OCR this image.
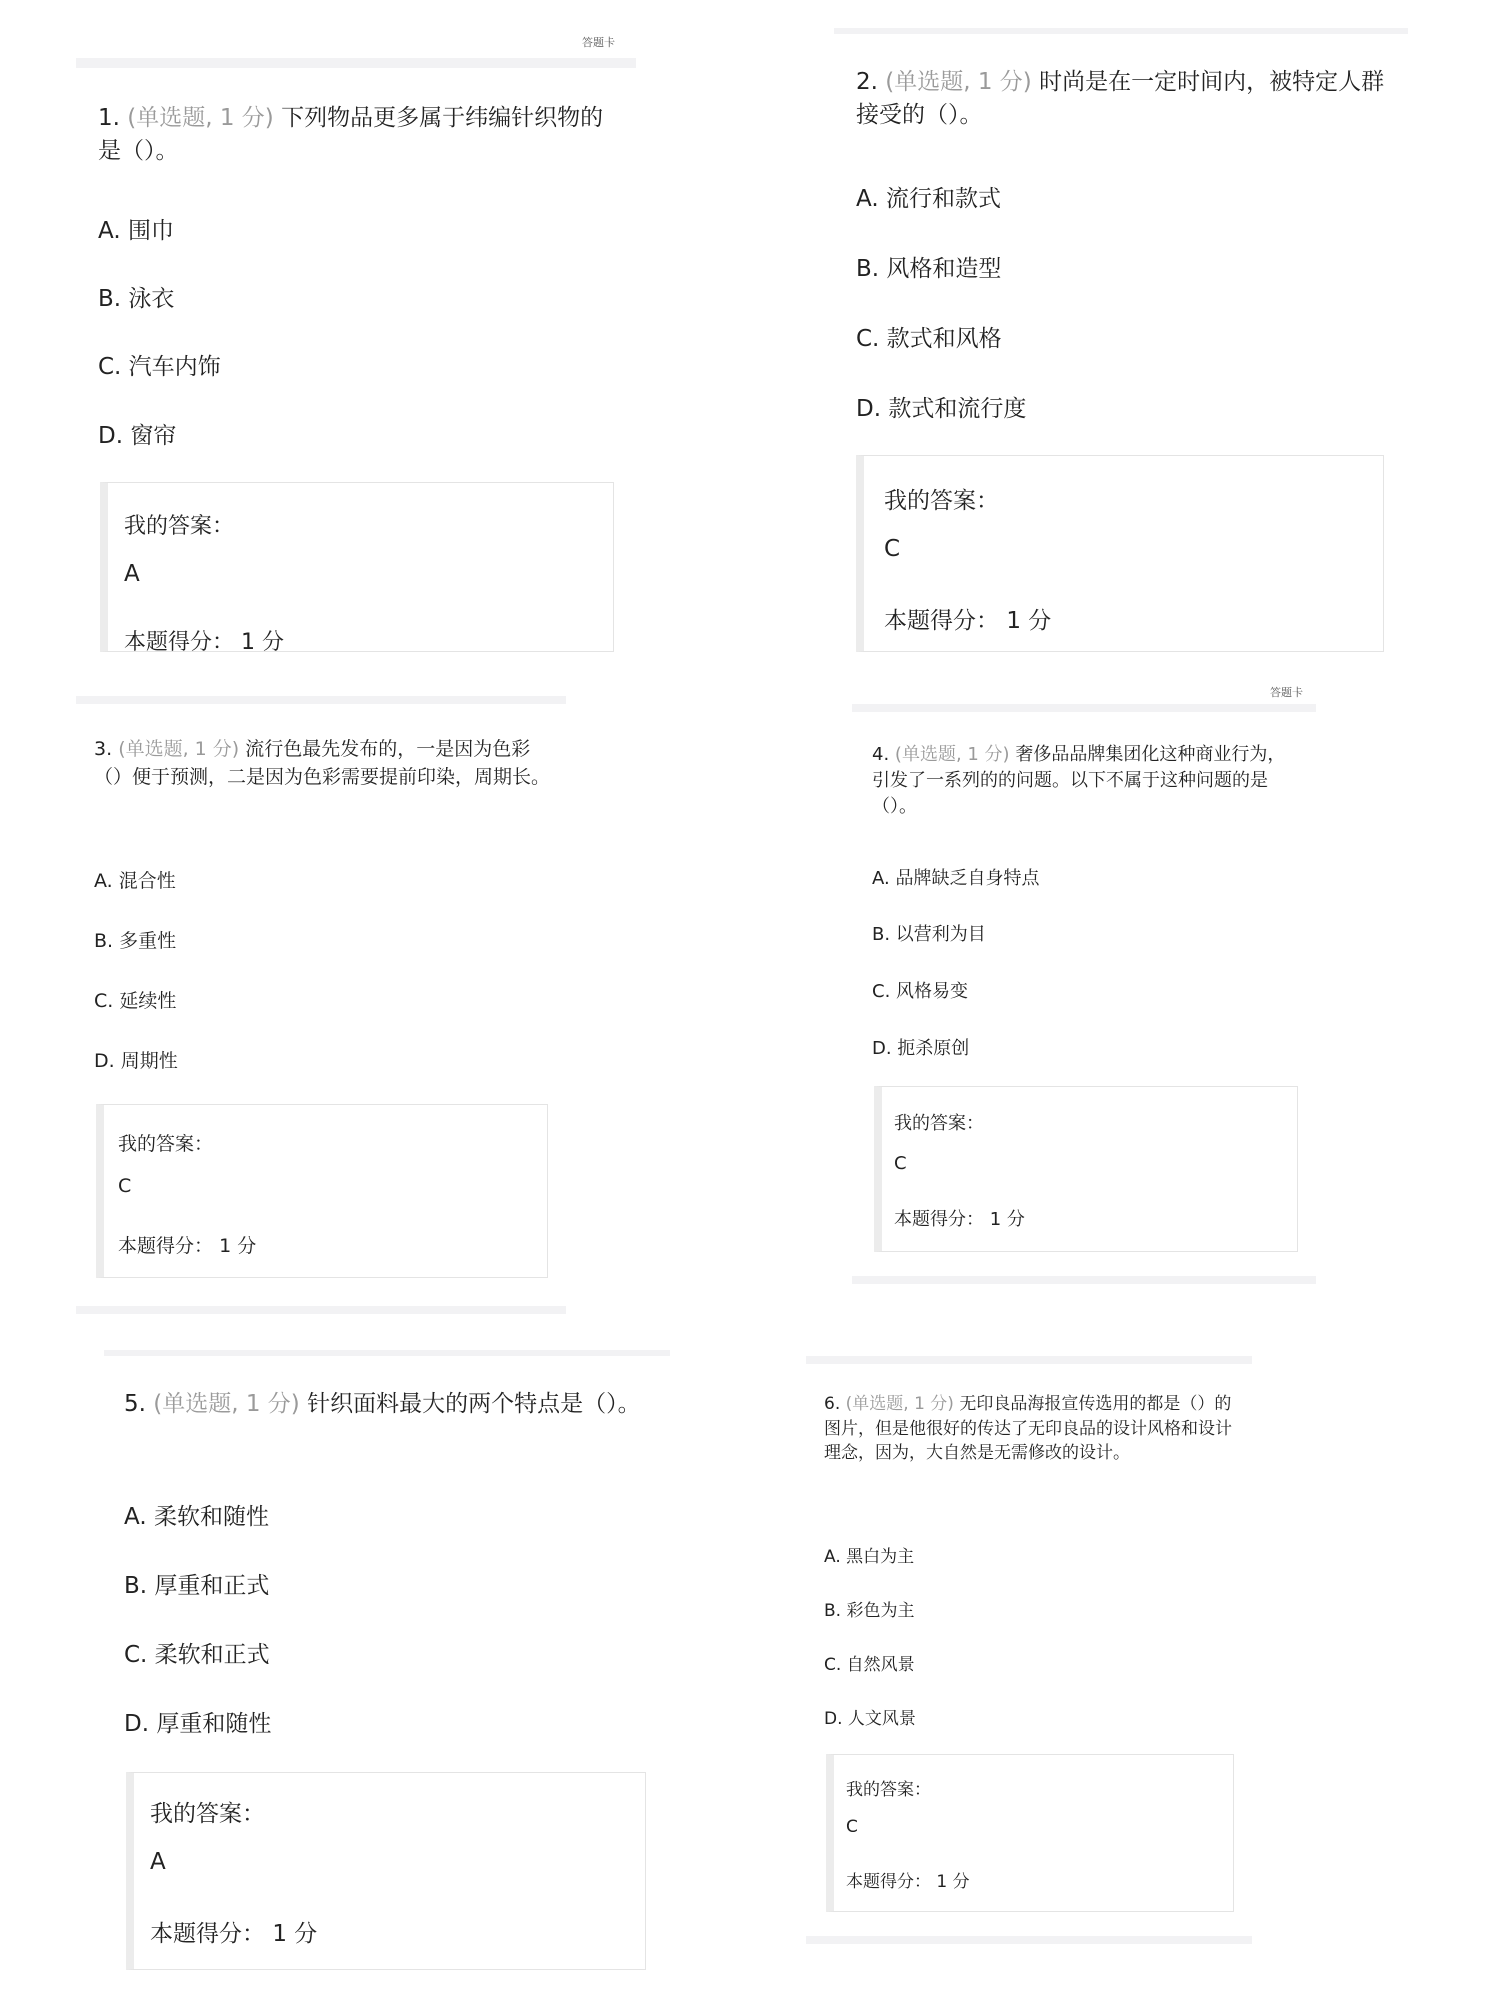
答题卡
1. (单选题, 1 分) 下列物品更多属于纬编针织物的是（）。
A. 围巾
B. 泳衣
C. 汽车内饰
D. 窗帘
我的答案：
A
本题得分： 1 分
2. (单选题, 1 分) 时尚是在一定时间内，被特定人群接受的（）。
A. 流行和款式
B. 风格和造型
C. 款式和风格
D. 款式和流行度
我的答案：
C
本题得分： 1 分
3. (单选题, 1 分) 流行色最先发布的，一是因为色彩（）便于预测，二是因为色彩需要提前印染，周期长。
A. 混合性
B. 多重性
C. 延续性
D. 周期性
我的答案：
C
本题得分： 1 分
答题卡
4. (单选题, 1 分) 奢侈品品牌集团化这种商业行为，引发了一系列的的问题。以下不属于这种问题的是（）。
A. 品牌缺乏自身特点
B. 以营利为目
C. 风格易变
D. 扼杀原创
我的答案：
C
本题得分： 1 分
5. (单选题, 1 分) 针织面料最大的两个特点是（）。
A. 柔软和随性
B. 厚重和正式
C. 柔软和正式
D. 厚重和随性
我的答案：
A
本题得分： 1 分
6. (单选题, 1 分) 无印良品海报宣传选用的都是（）的图片，但是他很好的传达了无印良品的设计风格和设计理念，因为，大自然是无需修改的设计。
A. 黑白为主
B. 彩色为主
C. 自然风景
D. 人文风景
我的答案：
C
本题得分： 1 分
